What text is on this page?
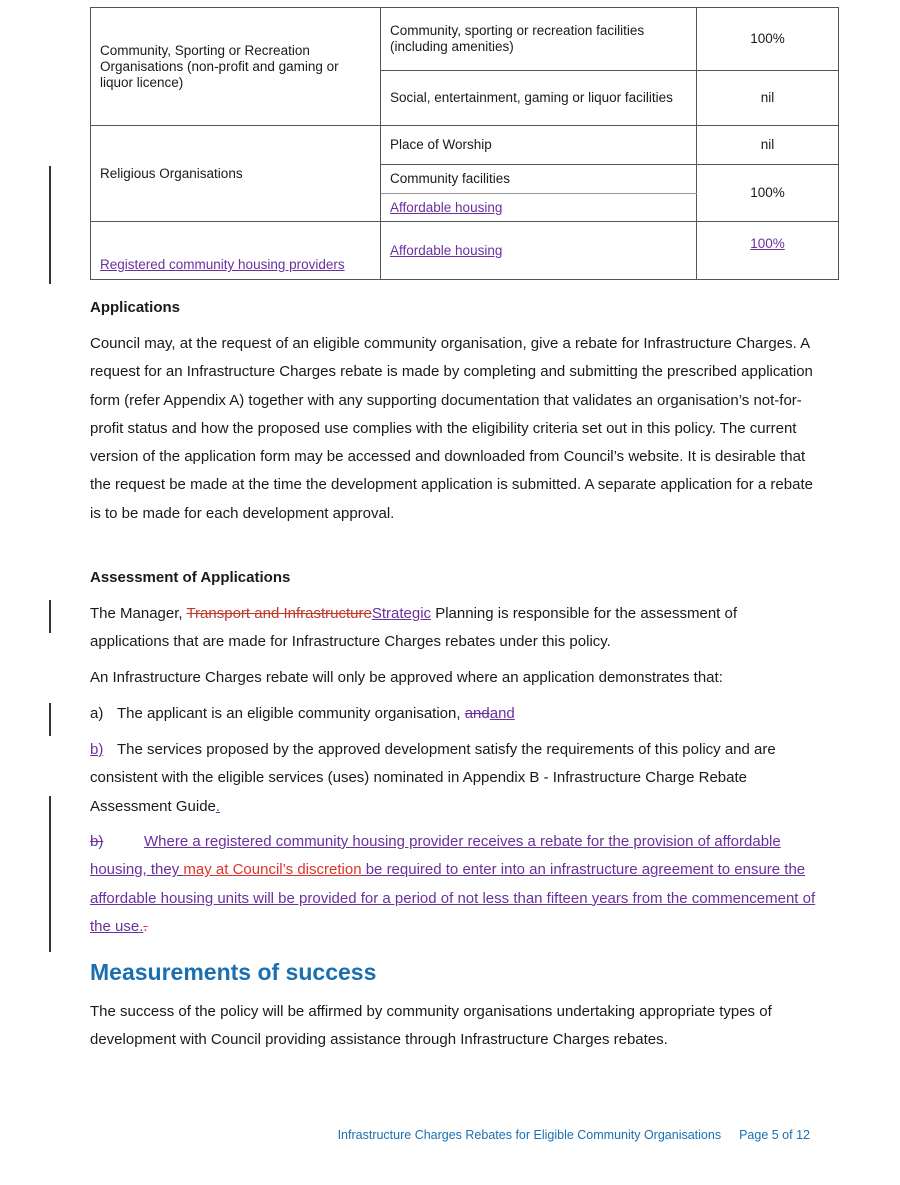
Community, Sporting or Recreation Organisations (non-profit and gaming or liquor licence)	Community, sporting or recreation facilities (including amenities)	100%
	Social, entertainment, gaming or liquor facilities	nil
Religious Organisations	Place of Worship	nil
	Community facilities	100%
	Affordable housing	
Registered community housing providers	Affordable housing	100%
Applications
Council may, at the request of an eligible community organisation, give a rebate for Infrastructure Charges. A request for an Infrastructure Charges rebate is made by completing and submitting the prescribed application form (refer Appendix A) together with any supporting documentation that validates an organisation’s not-for-profit status and how the proposed use complies with the eligibility criteria set out in this policy. The current version of the application form may be accessed and downloaded from Council’s website. It is desirable that the request be made at the time the development application is submitted. A separate application for a rebate is to be made for each development approval.
Assessment of Applications
The Manager, Transport and InfrastructureStrategic Planning is responsible for the assessment of applications that are made for Infrastructure Charges rebates under this policy.
An Infrastructure Charges rebate will only be approved where an application demonstrates that:
a) The applicant is an eligible community organisation, andand
b) The services proposed by the approved development satisfy the requirements of this policy and are consistent with the eligible services (uses) nominated in Appendix B - Infrastructure Charge Rebate Assessment Guide.
b)	Where a registered community housing provider receives a rebate for the provision of affordable housing, they may at Council’s discretion be required to enter into an infrastructure agreement to ensure the affordable housing units will be provided for a period of not less than fifteen years from the commencement of the use..
Measurements of success
The success of the policy will be affirmed by community organisations undertaking appropriate types of development with Council providing assistance through Infrastructure Charges rebates.
Infrastructure Charges Rebates for Eligible Community Organisations Page 5 of 12
